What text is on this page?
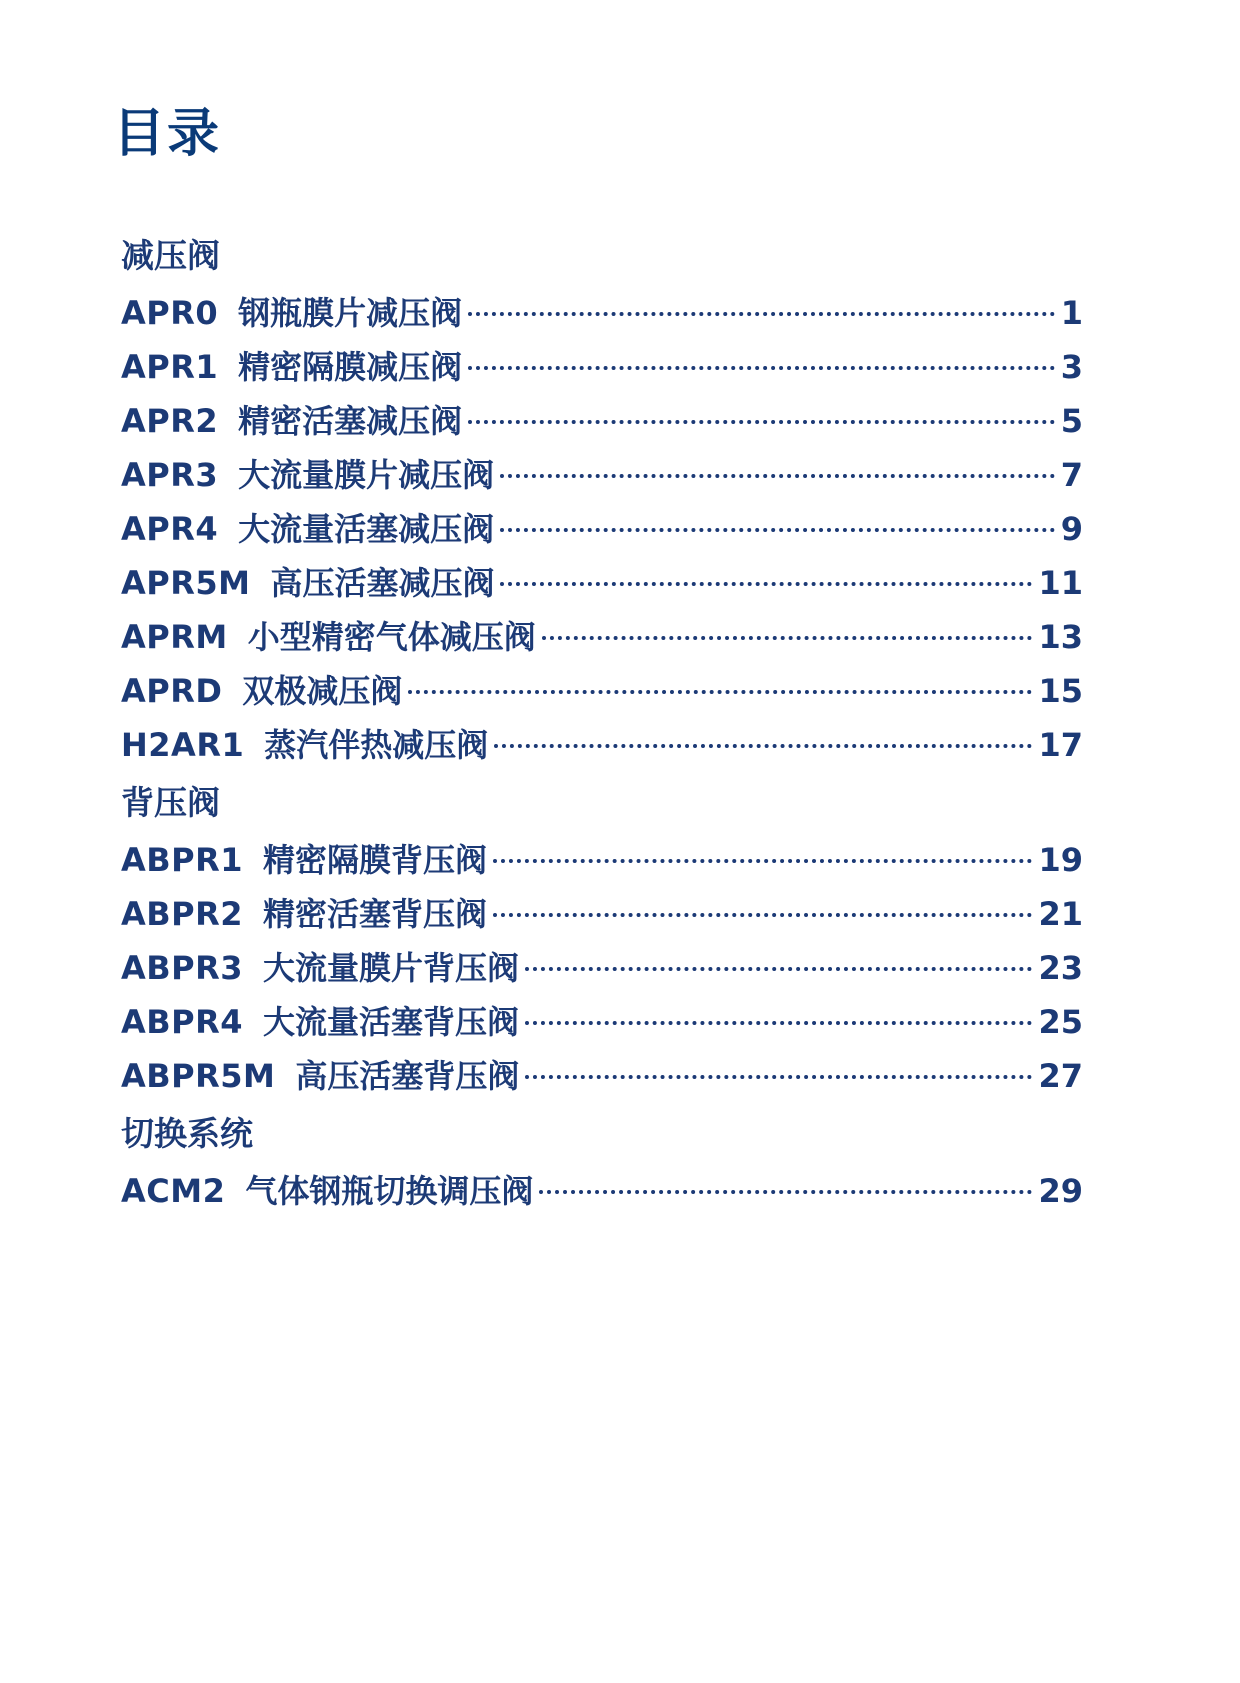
目录
减压阀
APR0 钢瓶膜片减压阀	1
APR1 精密隔膜减压阀	3
APR2 精密活塞减压阀	5
APR3 大流量膜片减压阀	7
APR4 大流量活塞减压阀	9
APR5M 高压活塞减压阀	11
APRM 小型精密气体减压阀	13
APRD 双极减压阀	15
H2AR1 蒸汽伴热减压阀	17
背压阀
ABPR1 精密隔膜背压阀	19
ABPR2 精密活塞背压阀	21
ABPR3 大流量膜片背压阀	23
ABPR4 大流量活塞背压阀	25
ABPR5M 高压活塞背压阀	27
切换系统
ACM2 气体钢瓶切换调压阀	29
